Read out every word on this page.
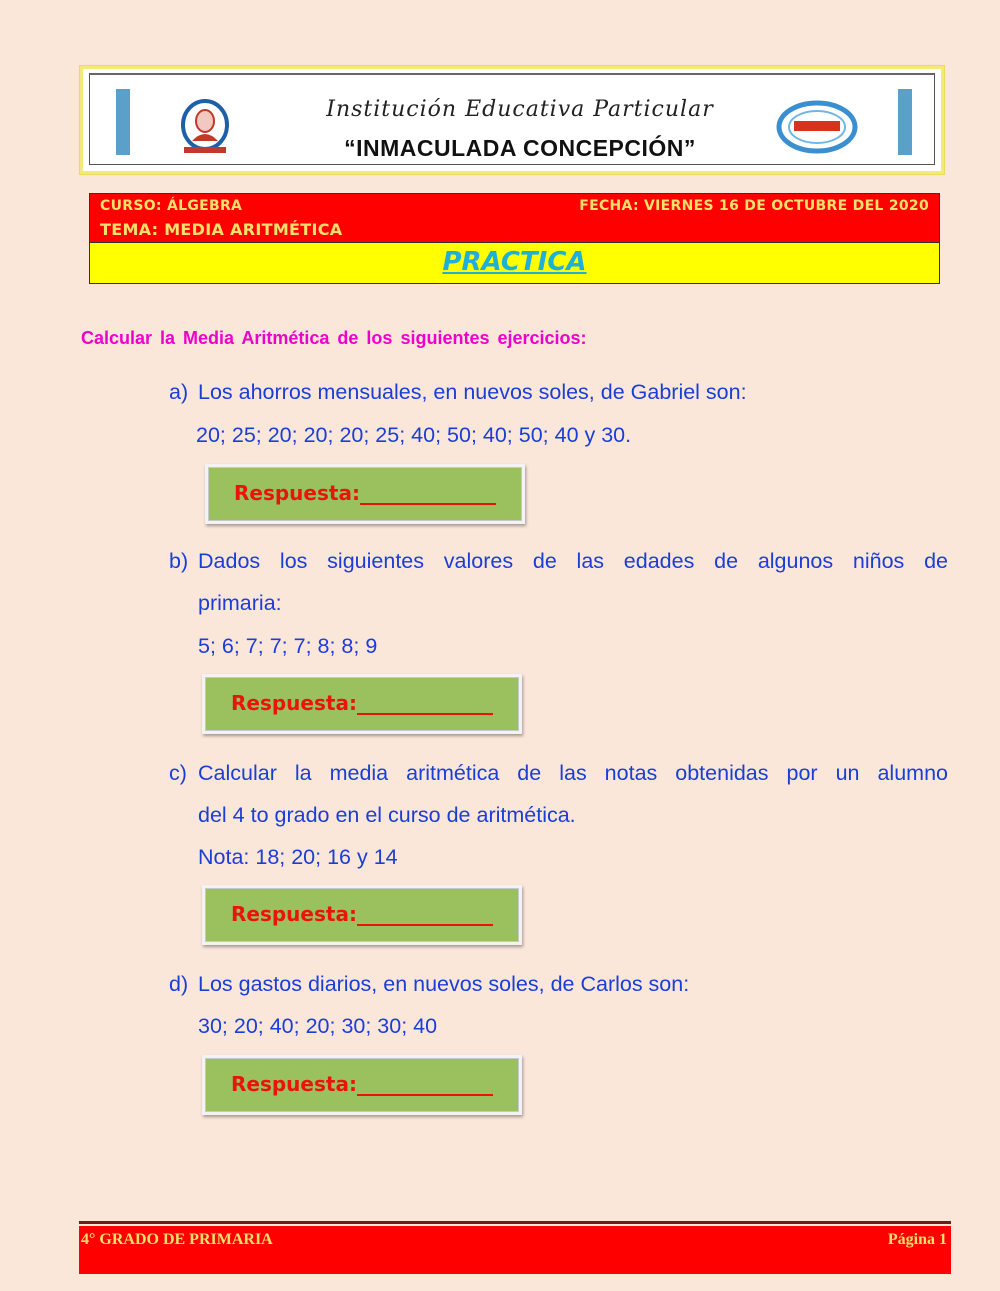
Institución Educativa Particular
“INMACULADA CONCEPCIÓN”
CURSO: ÁLGEBRA	FECHA: VIERNES 16 DE OCTUBRE DEL 2020
TEMA: MEDIA ARITMÉTICA
PRACTICA
Calcular la Media Aritmética de los siguientes ejercicios:
a) Los ahorros mensuales, en nuevos soles, de Gabriel son:
20; 25; 20; 20; 20; 25; 40; 50; 40; 50; 40 y 30.
Respuesta:
b) Dados los siguientes valores de las edades de algunos niños de
primaria:
5; 6; 7; 7; 7; 8; 8; 9
Respuesta:
c) Calcular la media aritmética de las notas obtenidas por un alumno
del 4 to grado en el curso de aritmética.
Nota: 18; 20; 16 y 14
Respuesta:
d) Los gastos diarios, en nuevos soles, de Carlos son:
30; 20; 40; 20; 30; 30; 40
Respuesta:
4° GRADO DE PRIMARIA	Página 1
